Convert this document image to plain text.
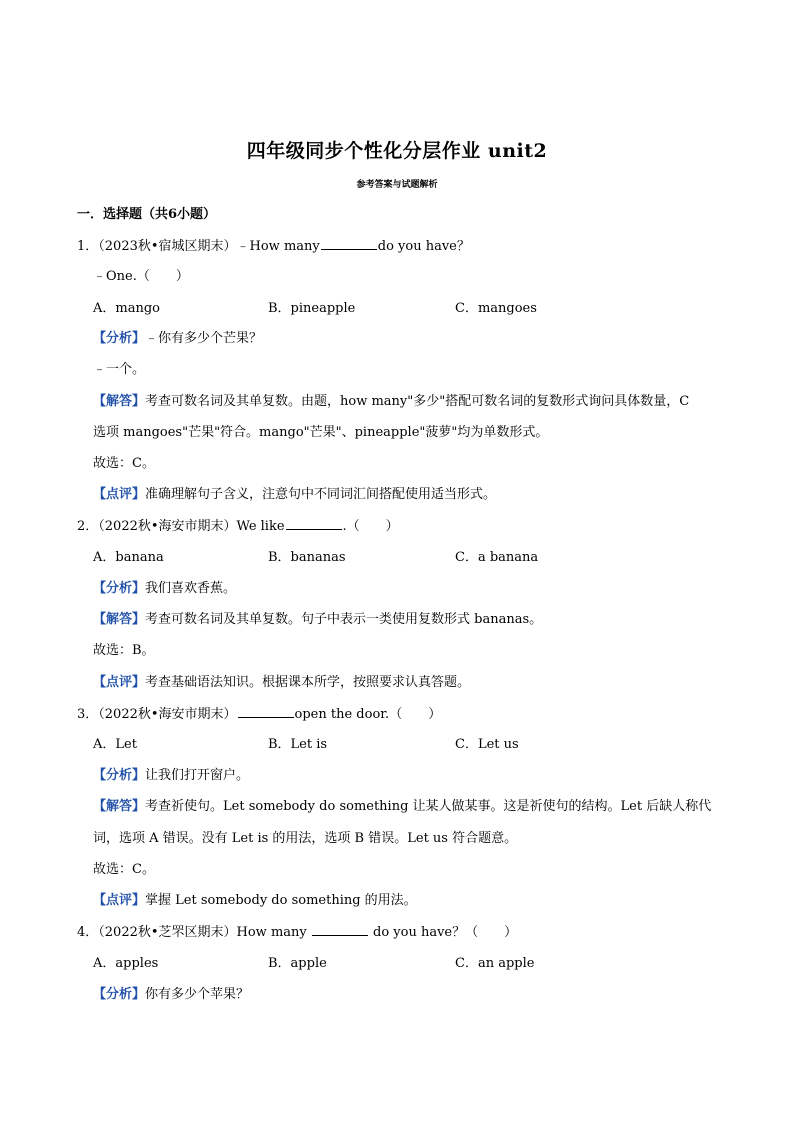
四年级同步个性化分层作业 unit2
参考答案与试题解析
一．选择题（共6小题）
1．（2023秋•宿城区期末）﹣How many	do you have？
﹣One.（　　）
A．mango	B．pineapple	C．mangoes
【分析】﹣你有多少个芒果？
﹣一个。
【解答】考查可数名词及其单复数。由题，how many"多少"搭配可数名词的复数形式询问具体数量，C
选项 mangoes"芒果"符合。mango"芒果"、pineapple"菠萝"均为单数形式。
故选：C。
【点评】准确理解句子含义，注意句中不同词汇间搭配使用适当形式。
2．（2022秋•海安市期末）We like	.（　　）
A．banana	B．bananas	C．a banana
【分析】我们喜欢香蕉。
【解答】考查可数名词及其单复数。句子中表示一类使用复数形式 bananas。
故选：B。
【点评】考查基础语法知识。根据课本所学，按照要求认真答题。
3．（2022秋•海安市期末）	open the door.（　　）
A．Let	B．Let is	C．Let us
【分析】让我们打开窗户。
【解答】考查祈使句。Let somebody do something 让某人做某事。这是祈使句的结构。Let 后缺人称代
词，选项 A 错误。没有 Let is 的用法，选项 B 错误。Let us 符合题意。
故选：C。
【点评】掌握 Let somebody do something 的用法。
4．（2022秋•芝罘区期末）How many	do you have？（　　）
A．apples	B．apple	C．an apple
【分析】你有多少个苹果？
